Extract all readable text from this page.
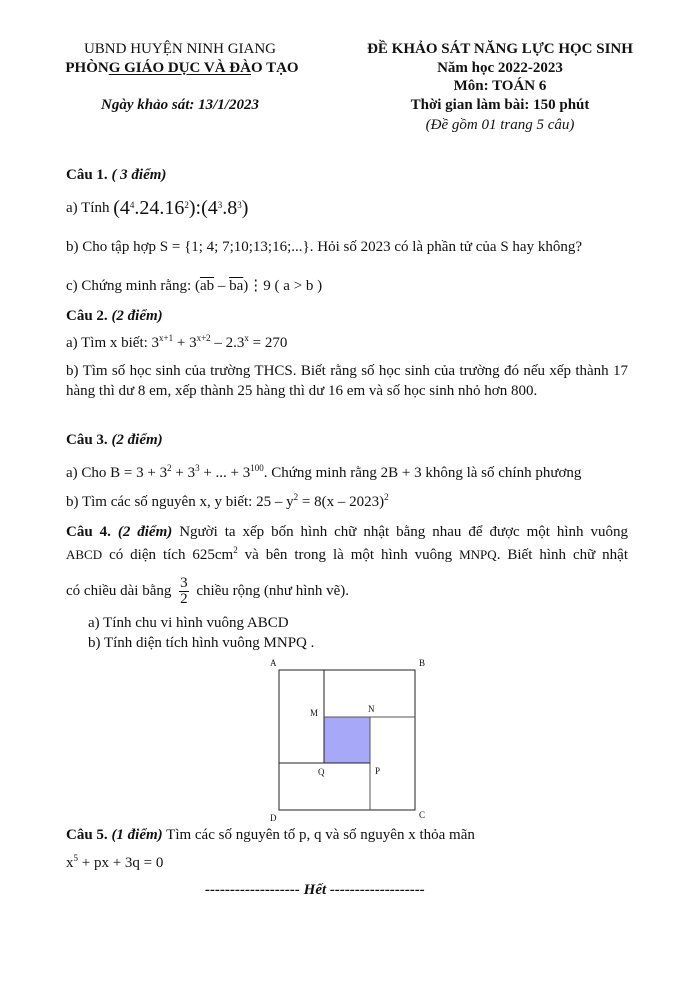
UBND HUYỆN NINH GIANG
PHÒNG GIÁO DỤC VÀ ĐÀO TẠO
Ngày khảo sát: 13/1/2023
ĐỀ KHẢO SÁT NĂNG LỰC HỌC SINH
Năm học 2022-2023
Môn: TOÁN 6
Thời gian làm bài: 150 phút
(Đề gồm 01 trang 5 câu)
Câu 1. ( 3 điểm)
a) Tính $(4^4.24.16^2):(4^3.8^3)$
b) Cho tập hợp S = {1; 4; 7;10;13;16;...}. Hỏi số 2023 có là phần tử của S hay không?
c) Chứng minh rằng: ($\overline{ab}$ – $\overline{ba})⋮9$ ( a > b )
Câu 2. (2 điểm)
a) Tìm x biết: $3^{x+1} + 3^{x+2} - 2.3^x = 270$
b) Tìm số học sinh của trường THCS. Biết rằng số học sinh của trường đó nếu xếp thành 17 hàng thì dư 8 em, xếp thành 25 hàng thì dư 16 em và số học sinh nhỏ hơn 800.
Câu 3. (2 điểm)
a) Cho $B = 3 + 3^2 + 3^3$ + ... + $3^{100}$. Chứng minh rằng 2B + 3 không là số chính phương
b) Tìm các số nguyên x, y biết: $25 - y^2 = 8(x - 2023)^2$
Câu 4. (2 điểm) Người ta xếp bốn hình chữ nhật bằng nhau để được một hình vuông
ABCD có diện tích $625cm^2$ và bên trong là một hình vuông MNPQ. Biết hình chữ nhật
có chiều dài bằng $\frac{3}{2}$ chiều rộng (như hình vẽ).
a) Tính chu vi hình vuông ABCD
b) Tính diện tích hình vuông MNPQ .
A	B
C
D
M	N
P
Q
Câu 5. (1 điểm) Tìm các số nguyên tố p, q và số nguyên x thỏa mãn
$x^5$ + px + 3q = 0
------------------- Hết -------------------
